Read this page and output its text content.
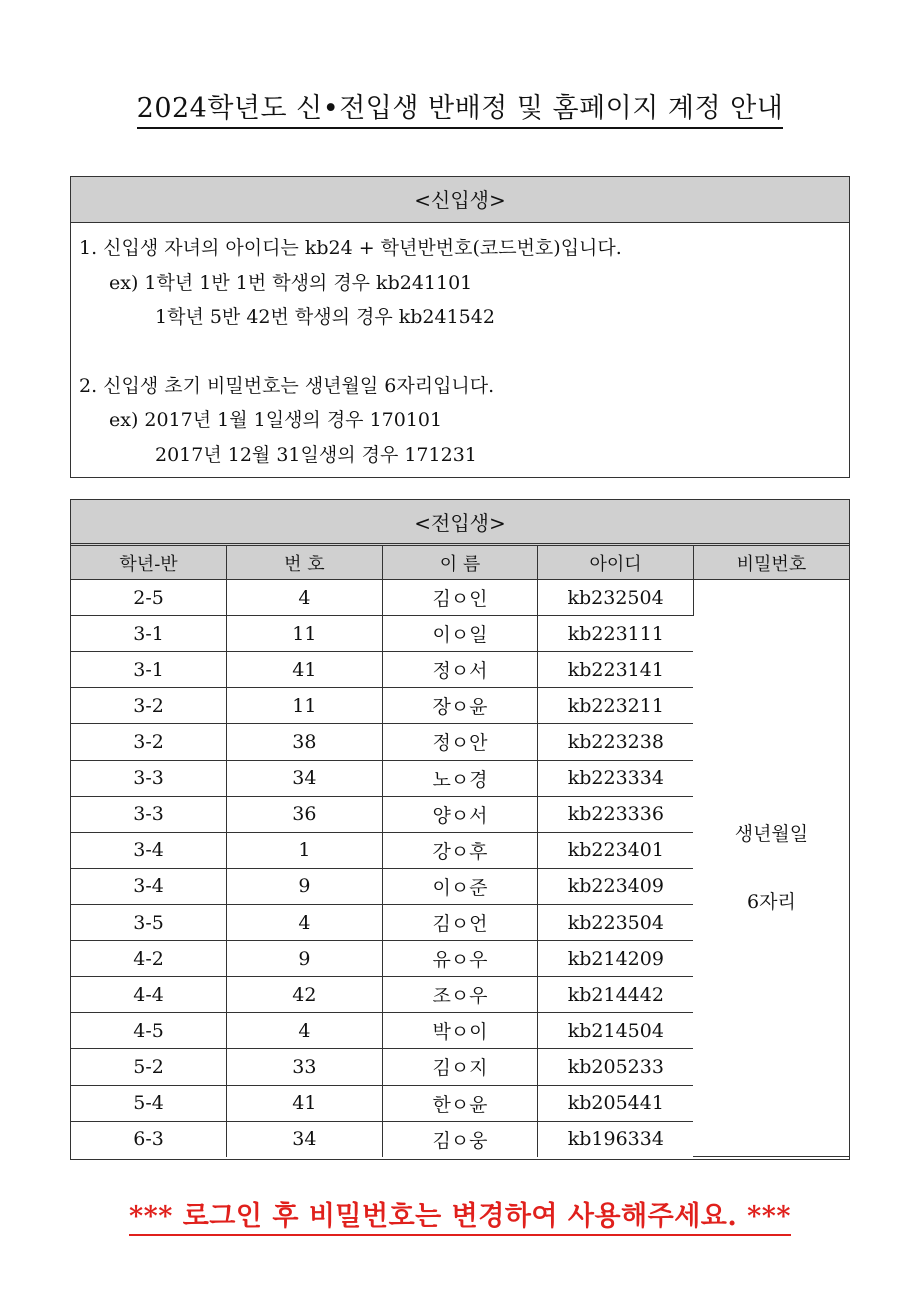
2024학년도 신•전입생 반배정 및 홈페이지 계정 안내
<신입생>
1. 신입생 자녀의 아이디는 kb24 + 학년반번호(코드번호)입니다.
ex) 1학년 1반 1번 학생의 경우 kb241101
1학년 5반 42번 학생의 경우 kb241542
2. 신입생 초기 비밀번호는 생년월일 6자리입니다.
ex) 2017년 1월 1일생의 경우 170101
2017년 12월 31일생의 경우 171231
<전입생>
학년-반	번 호	이 름	아이디	비밀번호
2-5	4	김ㅇ인	kb232504	생년월일
6자리

3-1	11	이ㅇ일	kb223111	
3-1	41	정ㅇ서	kb223141	
3-2	11	장ㅇ윤	kb223211	
3-2	38	정ㅇ안	kb223238	
3-3	34	노ㅇ경	kb223334	
3-3	36	양ㅇ서	kb223336	
3-4	1	강ㅇ후	kb223401	
3-4	9	이ㅇ준	kb223409	
3-5	4	김ㅇ언	kb223504	
4-2	9	유ㅇ우	kb214209	
4-4	42	조ㅇ우	kb214442	
4-5	4	박ㅇ이	kb214504	
5-2	33	김ㅇ지	kb205233	
5-4	41	한ㅇ윤	kb205441	
6-3	34	김ㅇ웅	kb196334	
*** 로그인 후 비밀번호는 변경하여 사용해주세요. ***
